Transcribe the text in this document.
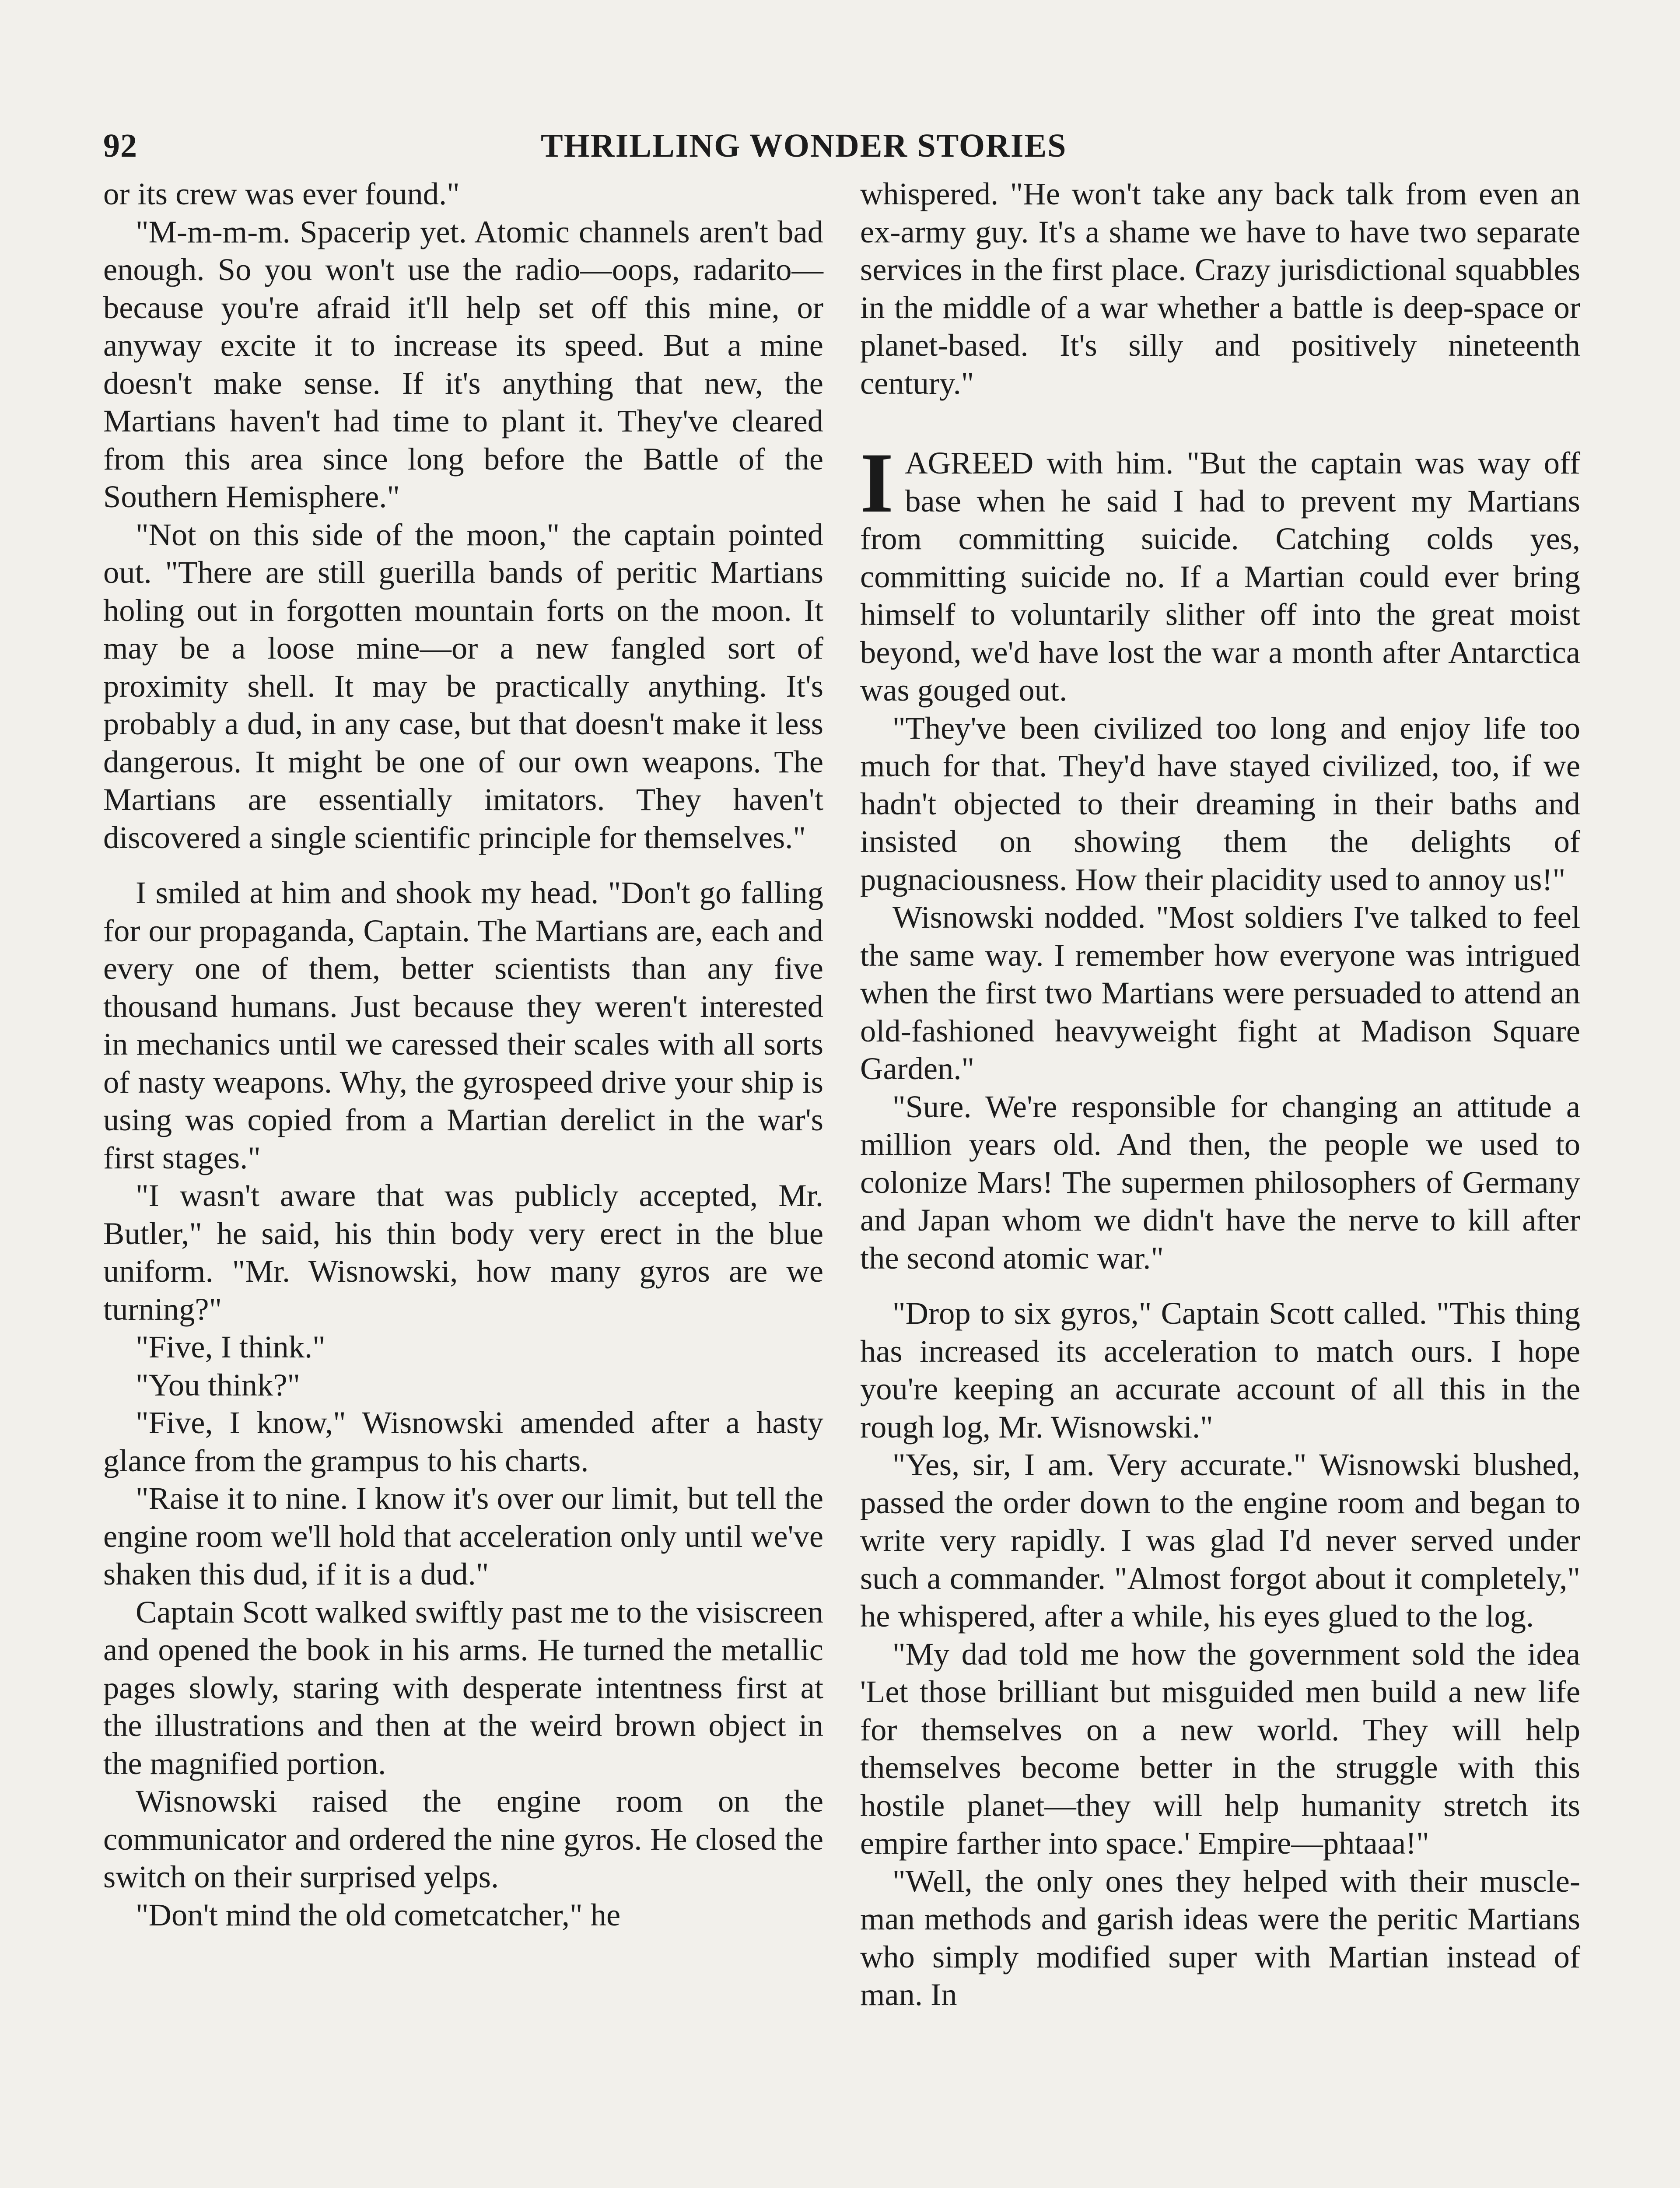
92	THRILLING WONDER STORIES

or its crew was ever found."

"M-m-m-m. Spacerip yet. Atomic channels aren't bad enough. So you won't use the radio—oops, radarito—because you're afraid it'll help set off this mine, or anyway excite it to increase its speed. But a mine doesn't make sense. If it's anything that new, the Martians haven't had time to plant it. They've cleared from this area since long before the Battle of the Southern Hemisphere."

"Not on this side of the moon," the captain pointed out. "There are still guerilla bands of peritic Martians holing out in forgotten mountain forts on the moon. It may be a loose mine—or a new fangled sort of proximity shell. It may be practically anything. It's probably a dud, in any case, but that doesn't make it less dangerous. It might be one of our own weapons. The Martians are essentially imitators. They haven't discovered a single scientific principle for themselves."

I smiled at him and shook my head. "Don't go falling for our propaganda, Captain. The Martians are, each and every one of them, better scientists than any five thousand humans. Just because they weren't interested in mechanics until we caressed their scales with all sorts of nasty weapons. Why, the gyrospeed drive your ship is using was copied from a Martian derelict in the war's first stages."

"I wasn't aware that was publicly accepted, Mr. Butler," he said, his thin body very erect in the blue uniform. "Mr. Wisnowski, how many gyros are we turning?"

"Five, I think."

"You think?"

"Five, I know," Wisnowski amended after a hasty glance from the grampus to his charts.

"Raise it to nine. I know it's over our limit, but tell the engine room we'll hold that acceleration only until we've shaken this dud, if it is a dud."

Captain Scott walked swiftly past me to the visiscreen and opened the book in his arms. He turned the metallic pages slowly, staring with desperate intentness first at the illustrations and then at the weird brown object in the magnified portion.

Wisnowski raised the engine room on the communicator and ordered the nine gyros. He closed the switch on their surprised yelps.

"Don't mind the old cometcatcher," he

whispered. "He won't take any back talk from even an ex-army guy. It's a shame we have to have two separate services in the first place. Crazy jurisdictional squabbles in the middle of a war whether a battle is deep-space or planet-based. It's silly and positively nineteenth century."

IAGREED with him. "But the captain was way off base when he said I had to prevent my Martians from committing suicide. Catching colds yes, committing suicide no. If a Martian could ever bring himself to voluntarily slither off into the great moist beyond, we'd have lost the war a month after Antarctica was gouged out.

"They've been civilized too long and enjoy life too much for that. They'd have stayed civilized, too, if we hadn't objected to their dreaming in their baths and insisted on showing them the delights of pugnaciousness. How their placidity used to annoy us!"

Wisnowski nodded. "Most soldiers I've talked to feel the same way. I remember how everyone was intrigued when the first two Martians were persuaded to attend an old-fashioned heavyweight fight at Madison Square Garden."

"Sure. We're responsible for changing an attitude a million years old. And then, the people we used to colonize Mars! The supermen philosophers of Germany and Japan whom we didn't have the nerve to kill after the second atomic war."

"Drop to six gyros," Captain Scott called. "This thing has increased its acceleration to match ours. I hope you're keeping an accurate account of all this in the rough log, Mr. Wisnowski."

"Yes, sir, I am. Very accurate." Wisnowski blushed, passed the order down to the engine room and began to write very rapidly. I was glad I'd never served under such a commander. "Almost forgot about it completely," he whispered, after a while, his eyes glued to the log.

"My dad told me how the government sold the idea 'Let those brilliant but misguided men build a new life for themselves on a new world. They will help themselves become better in the struggle with this hostile planet—they will help humanity stretch its empire farther into space.' Empire—phtaaa!"

"Well, the only ones they helped with their muscle-man methods and garish ideas were the peritic Martians who simply modified super with Martian instead of man. In
